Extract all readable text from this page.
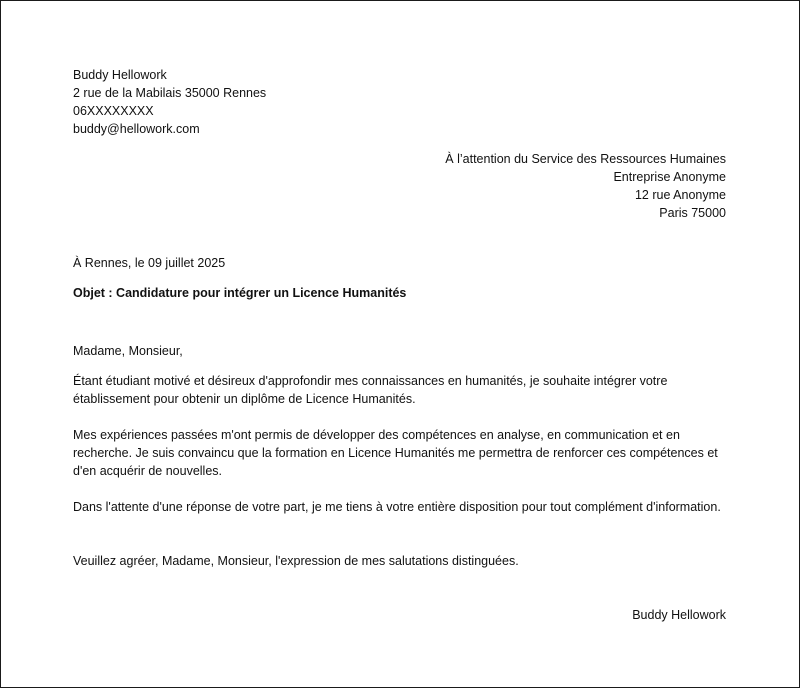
Buddy Hellowork
2 rue de la Mabilais 35000 Rennes
06XXXXXXXX
buddy@hellowork.com
À l’attention du Service des Ressources Humaines
Entreprise Anonyme
12 rue Anonyme
Paris 75000
À Rennes, le 09 juillet 2025
Objet : Candidature pour intégrer un Licence Humanités
Madame, Monsieur,

Étant étudiant motivé et désireux d'approfondir mes connaissances en humanités, je souhaite intégrer votre établissement pour obtenir un diplôme de Licence Humanités.

Mes expériences passées m'ont permis de développer des compétences en analyse, en communication et en recherche. Je suis convaincu que la formation en Licence Humanités me permettra de renforcer ces compétences et d'en acquérir de nouvelles.

Dans l'attente d'une réponse de votre part, je me tiens à votre entière disposition pour tout complément d'information.

Veuillez agréer, Madame, Monsieur, l'expression de mes salutations distinguées.
Buddy Hellowork
